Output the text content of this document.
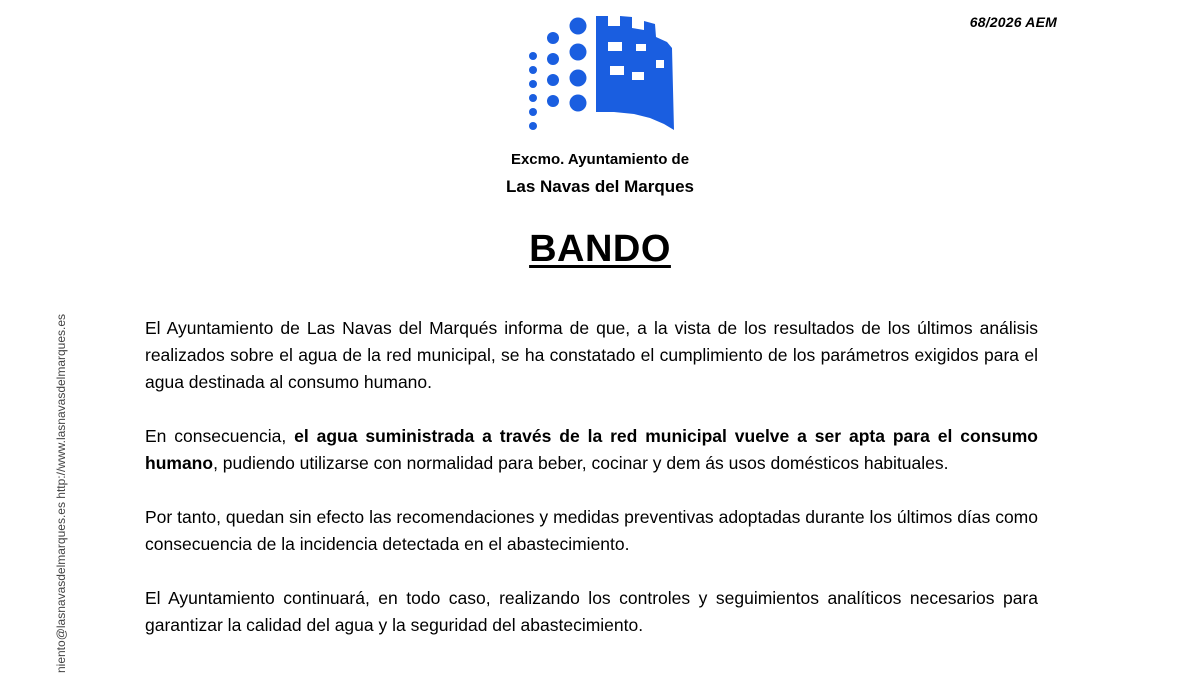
68/2026 AEM
Excmo. Ayuntamiento de
Las Navas del Marques
BANDO
niento@lasnavasdelmarques.es http://www.lasnavasdelmarques.es	El Ayuntamiento de Las Navas del Marqués informa de que, a la vista de los resultados de los últimos análisis realizados sobre el agua de la red municipal, se ha constatado el cumplimiento de los parámetros exigidos para el agua destinada al consumo humano.

En consecuencia, el agua suministrada a través de la red municipal vuelve a ser apta para el consumo humano, pudiendo utilizarse con normalidad para beber, cocinar y dem ás usos domésticos habituales.

Por tanto, quedan sin efecto las recomendaciones y medidas preventivas adoptadas durante los últimos días como consecuencia de la incidencia detectada en el abastecimiento.

El Ayuntamiento continuará, en todo caso, realizando los controles y seguimientos analíticos necesarios para garantizar la calidad del agua y la seguridad del abastecimiento.
